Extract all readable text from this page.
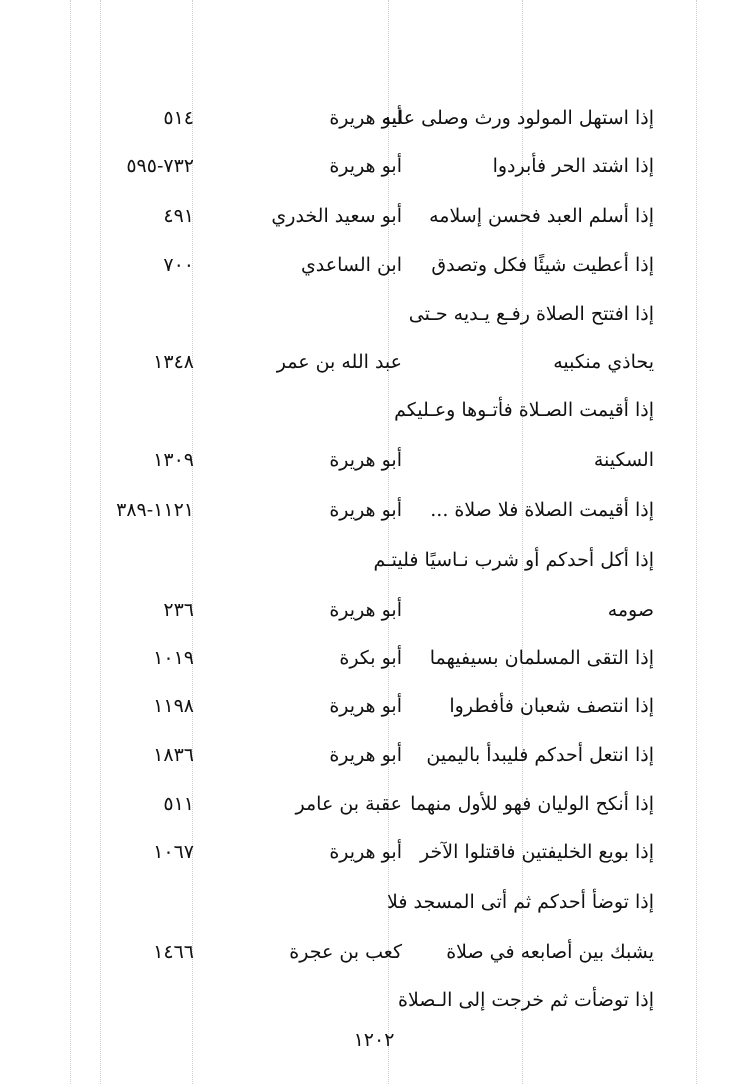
إذا استهل المولود ورث وصلى عليه
أبو هريرة
٥١٤
إذا اشتد الحر فأبردوا
أبو هريرة
٧٣٢-٥٩٥
إذا أسلم العبد فحسن إسلامه
أبو سعيد الخدري
٤٩١
إذا أعطيت شيئًا فكل وتصدق
ابن الساعدي
٧٠٠
إذا افتتح الصلاة رفـع يـديه حـتى
يحاذي منكبيه
عبد الله بن عمر
١٣٤٨
إذا أقيمت الصـلاة فأتـوها وعـليكم
السكينة
أبو هريرة
١٣٠٩
إذا أقيمت الصلاة فلا صلاة ...
أبو هريرة
١١٢١-٣٨٩
إذا أكل أحدكم أو شرب نـاسيًا فليتـم
صومه
أبو هريرة
٢٣٦
إذا التقى المسلمان بسيفيهما
أبو بكرة
١٠١٩
إذا انتصف شعبان فأفطروا
أبو هريرة
١١٩٨
إذا انتعل أحدكم فليبدأ باليمين
أبو هريرة
١٨٣٦
إذا أنكح الوليان فهو للأول منهما
عقبة بن عامر
٥١١
إذا بويع الخليفتين فاقتلوا الآخر
أبو هريرة
١٠٦٧
إذا توضأ أحدكم ثم أتى المسجد فلا
يشبك بين أصابعه في صلاة
كعب بن عجرة
١٤٦٦
إذا توضأت ثم خرجت إلى الـصلاة
١٢٠٢
